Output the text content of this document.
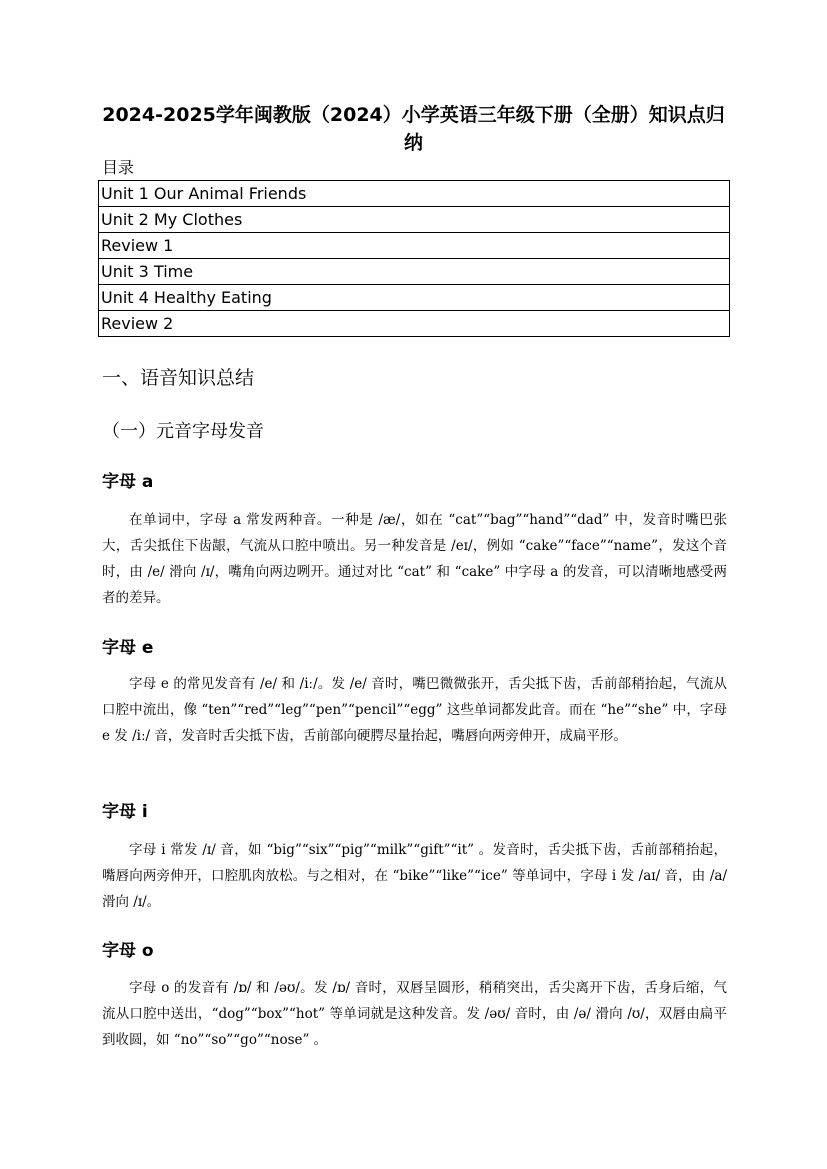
2024-2025学年闽教版（2024）小学英语三年级下册（全册）知识点归纳
目录
Unit 1 Our Animal Friends
Unit 2 My Clothes
Review 1
Unit 3 Time
Unit 4 Healthy Eating
Review 2
一、语音知识总结
（一）元音字母发音
字母 a
在单词中，字母 a 常发两种音。一种是 /æ/，如在 “cat”“bag”“hand”“dad” 中，发音时嘴巴张大，舌尖抵住下齿龈，气流从口腔中喷出。另一种发音是 /eɪ/，例如 “cake”“face”“name”，发这个音时，由 /e/ 滑向 /ɪ/，嘴角向两边咧开。通过对比 “cat” 和 “cake” 中字母 a 的发音，可以清晰地感受两者的差异。
字母 e
字母 e 的常见发音有 /e/ 和 /iː/。发 /e/ 音时，嘴巴微微张开，舌尖抵下齿，舌前部稍抬起，气流从口腔中流出，像 “ten”“red”“leg”“pen”“pencil”“egg” 这些单词都发此音。而在 “he”“she” 中，字母 e 发 /iː/ 音，发音时舌尖抵下齿，舌前部向硬腭尽量抬起，嘴唇向两旁伸开，成扁平形。
字母 i
字母 i 常发 /ɪ/ 音，如 “big”“six”“pig”“milk”“gift”“it” 。发音时，舌尖抵下齿，舌前部稍抬起，嘴唇向两旁伸开，口腔肌肉放松。与之相对，在 “bike”“like”“ice” 等单词中，字母 i 发 /aɪ/ 音，由 /a/ 滑向 /ɪ/。
字母 o
字母 o 的发音有 /ɒ/ 和 /əʊ/。发 /ɒ/ 音时，双唇呈圆形，稍稍突出，舌尖离开下齿，舌身后缩，气流从口腔中送出，“dog”“box”“hot” 等单词就是这种发音。发 /əʊ/ 音时，由 /ə/ 滑向 /ʊ/，双唇由扁平到收圆，如 “no”“so”“go”“nose” 。
